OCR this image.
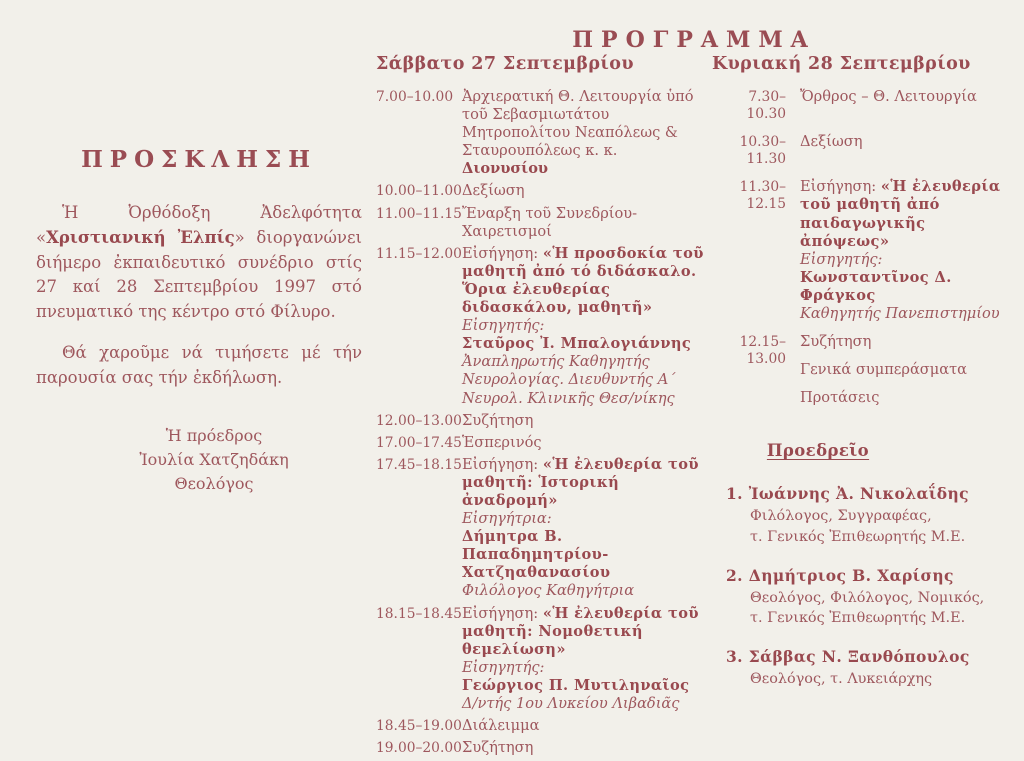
ΠΡΟΓΡΑΜΜΑ
ΠΡΟΣΚΛΗΣΗ

Ἡ Ὀρθόδοξη Ἀδελφότητα «Χριστιανική Ἐλπίς» διοργανώνει διήμερο ἐκπαιδευτικό συνέδριο στίς 27 καί 28 Σεπτεμβρίου 1997 στό πνευματικό της κέντρο στό Φίλυρο.

Θά χαροῦμε νά τιμήσετε μέ τήν παρουσία σας τήν ἐκδήλωση.

Ἡ πρόεδρος
Ἰουλία Χατζηδάκη
Θεολόγος
Σάββατο 27 Σεπτεμβρίου
7.00–10.00 Ἀρχιερατική Θ. Λειτουργία ὑπό τοῦ Σεβασμιωτάτου Μητροπολίτου Νεαπόλεως & Σταυρουπόλεως κ. κ. Διονυσίου
10.00–11.00 Δεξίωση
11.00–11.15 Ἔναρξη τοῦ Συνεδρίου-Χαιρετισμοί
11.15–12.00 Εἰσήγηση: «Ἡ προσδοκία τοῦ μαθητῆ ἀπό τό διδάσκαλο. Ὅρια ἐλευθερίας διδασκάλου, μαθητῆ»
Εἰσηγητής:
Σταῦρος Ἰ. Μπαλογιάννης
Ἀναπληρωτής Καθηγητής Νευρολογίας. Διευθυντής Α΄ Νευρολ. Κλινικῆς Θεσ/νίκης
12.00–13.00 Συζήτηση
17.00–17.45 Ἑσπερινός
17.45–18.15 Εἰσήγηση: «Ἡ ἐλευθερία τοῦ μαθητῆ: Ἱστορική ἀναδρομή»
Εἰσηγήτρια:
Δήμητρα Β. Παπαδημητρίου-Χατζηαθανασίου
Φιλόλογος Καθηγήτρια
18.15–18.45 Εἰσήγηση: «Ἡ ἐλευθερία τοῦ μαθητῆ: Νομοθετική θεμελίωση»
Εἰσηγητής:
Γεώργιος Π. Μυτιληναῖος
Δ/ντής 1ου Λυκείου Λιβαδιᾶς
18.45–19.00 Διάλειμμα
19.00–20.00 Συζήτηση
Κυριακή 28 Σεπτεμβρίου
7.30–10.30
Ὄρθρος – Θ. Λειτουργία
10.30–11.30
Δεξίωση
11.30–12.15
Εἰσήγηση: «Ἡ ἐλευθερία τοῦ μαθητῆ ἀπό παιδαγωγικῆς ἀπόψεως»
Εἰσηγητής:
Κωνσταντῖνος Δ. Φράγκος
Καθηγητής Πανεπιστημίου
12.15–13.00
Συζήτηση
Γενικά συμπεράσματα
Προτάσεις
Προεδρεῖο
1. Ἰωάννης Ἀ. Νικολαΐδης
Φιλόλογος, Συγγραφέας,
τ. Γενικός Ἐπιθεωρητής Μ.Ε.
2. Δημήτριος Β. Χαρίσης
Θεολόγος, Φιλόλογος, Νομικός,
τ. Γενικός Ἐπιθεωρητής Μ.Ε.
3. Σάββας Ν. Ξανθόπουλος
Θεολόγος, τ. Λυκειάρχης
